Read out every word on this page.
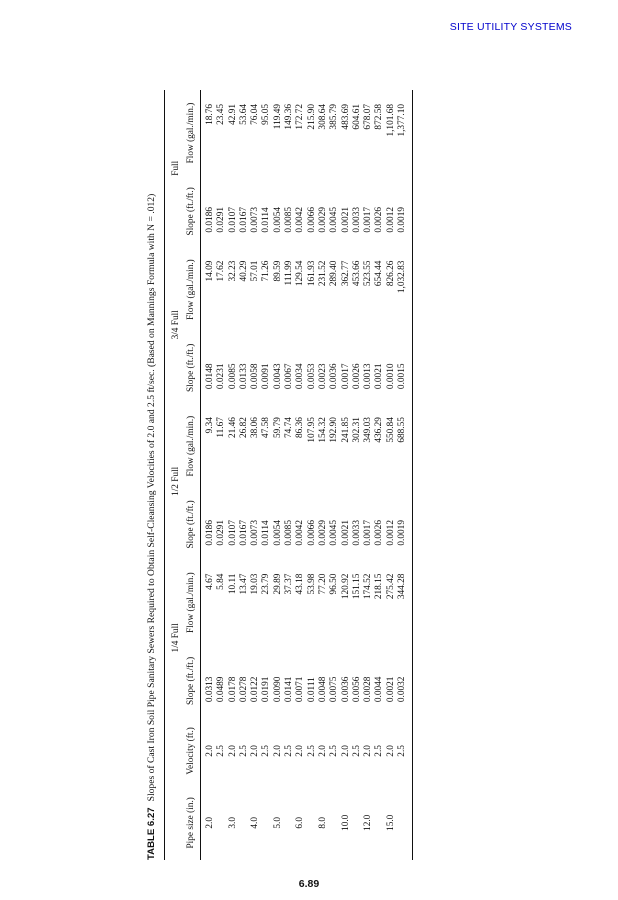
SITE UTILITY SYSTEMS
TABLE 6.27Slopes of Cast Iron Soil Pipe Sanitary Sewers Required to Obtain Self-Cleansing Velocities of 2.0 and 2.5 ft/sec. (Based on Mannings Formula with N = .012)
		1/4 Full		1/2 Full		3/4 Full		Full	
Pipe size (in.)	Velocity (ft.)	Slope (ft./ft.)	Flow (gal./min.)	Slope (ft./ft.)	Flow (gal./min.)	Slope (ft./ft.)	Flow (gal./min.)	Slope (ft./ft.)	Flow (gal./min.)
2.0	2.0	0.0313	4.67	0.0186	9.34	0.0148	14.09	0.0186	18.76
	2.5	0.0489	5.84	0.0291	11.67	0.0231	17.62	0.0291	23.45
3.0	2.0	0.0178	10.11	0.0107	21.46	0.0085	32.23	0.0107	42.91
	2.5	0.0278	13.47	0.0167	26.82	0.0133	40.29	0.0167	53.64
4.0	2.0	0.0122	19.03	0.0073	38.06	0.0058	57.01	0.0073	76.04
	2.5	0.0191	23.79	0.0114	47.58	0.0091	71.26	0.0114	95.05
5.0	2.0	0.0090	29.89	0.0054	59.79	0.0043	89.59	0.0054	119.49
	2.5	0.0141	37.37	0.0085	74.74	0.0067	111.99	0.0085	149.36
6.0	2.0	0.0071	43.18	0.0042	86.36	0.0034	129.54	0.0042	172.72
	2.5	0.0111	53.98	0.0066	107.95	0.0053	161.93	0.0066	215.90
8.0	2.0	0.0048	77.20	0.0029	154.32	0.0023	231.52	0.0029	308.64
	2.5	0.0075	96.50	0.0045	192.90	0.0036	289.40	0.0045	385.79
10.0	2.0	0.0036	120.92	0.0021	241.85	0.0017	362.77	0.0021	483.69
	2.5	0.0056	151.15	0.0033	302.31	0.0026	453.66	0.0033	604.61
12.0	2.0	0.0028	174.52	0.0017	349.03	0.0013	523.55	0.0017	678.07
	2.5	0.0044	218.15	0.0026	436.29	0.0021	654.44	0.0026	872.58
15.0	2.0	0.0021	275.42	0.0012	550.84	0.0010	826.26	0.0012	1,101.68
	2.5	0.0032	344.28	0.0019	688.55	0.0015	1,032.83	0.0019	1,377.10
6.89
